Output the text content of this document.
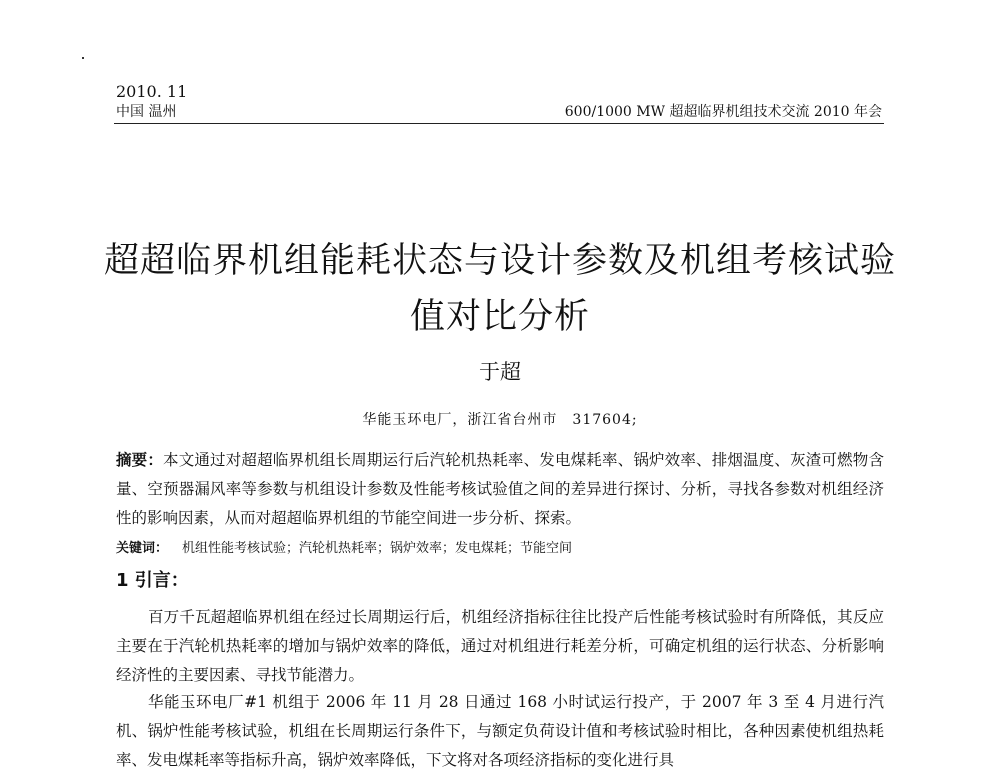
2010. 11
中国 温州	600/1000 MW 超超临界机组技术交流 2010 年会
超超临界机组能耗状态与设计参数及机组考核试验值对比分析
于超
华能玉环电厂，浙江省台州市　317604;
摘要：本文通过对超超临界机组长周期运行后汽轮机热耗率、发电煤耗率、锅炉效率、排烟温度、灰渣可燃物含量、空预器漏风率等参数与机组设计参数及性能考核试验值之间的差异进行探讨、分析，寻找各参数对机组经济性的影响因素，从而对超超临界机组的节能空间进一步分析、探索。
关键词： 机组性能考核试验；汽轮机热耗率；锅炉效率；发电煤耗；节能空间
1 引言：
百万千瓦超超临界机组在经过长周期运行后，机组经济指标往往比投产后性能考核试验时有所降低，其反应主要在于汽轮机热耗率的增加与锅炉效率的降低，通过对机组进行耗差分析，可确定机组的运行状态、分析影响经济性的主要因素、寻找节能潜力。
华能玉环电厂#1 机组于 2006 年 11 月 28 日通过 168 小时试运行投产，于 2007 年 3 至 4 月进行汽机、锅炉性能考核试验，机组在长周期运行条件下，与额定负荷设计值和考核试验时相比，各种因素使机组热耗率、发电煤耗率等指标升高，锅炉效率降低，下文将对各项经济指标的变化进行具
